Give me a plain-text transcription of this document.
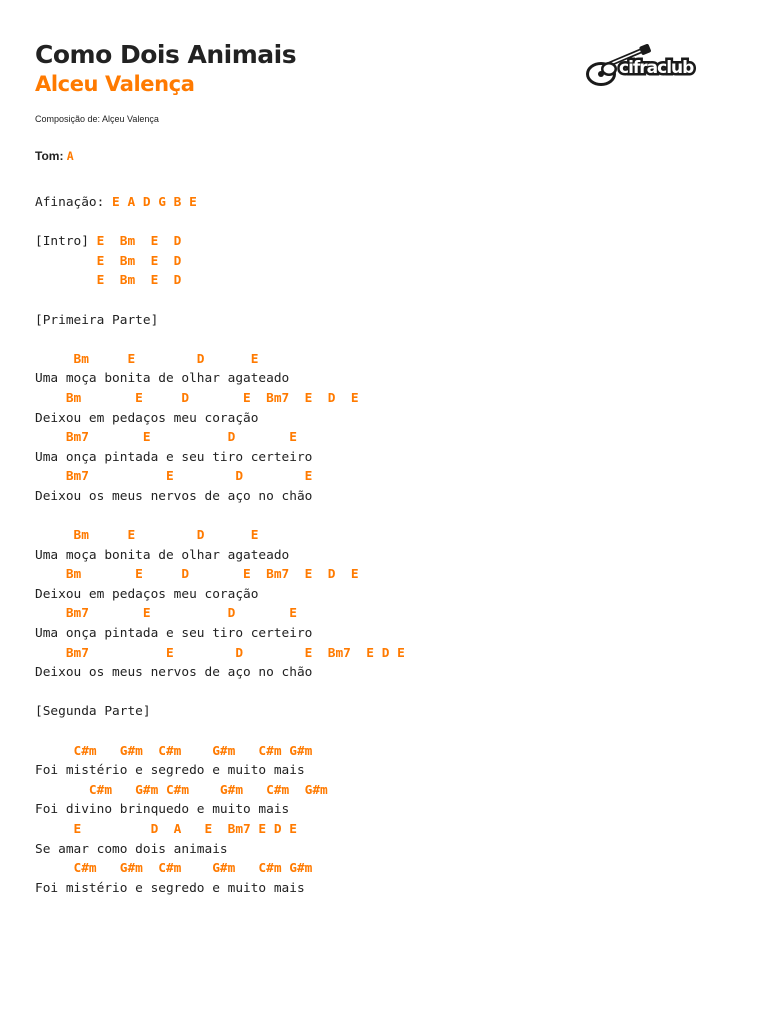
Como Dois Animais
Alceu Valença
cifraclub
Composição de: Alçeu Valença
Tom: A
Afinação: E A D G B E

[Intro] E  Bm  E  D
E  Bm  E  D
E  Bm  E  D

[Primeira Parte]

Bm     E        D      E
Uma moça bonita de olhar agateado
Bm       E     D       E  Bm7  E  D  E
Deixou em pedaços meu coração
Bm7       E          D       E
Uma onça pintada e seu tiro certeiro
Bm7          E        D        E
Deixou os meus nervos de aço no chão

Bm     E        D      E
Uma moça bonita de olhar agateado
Bm       E     D       E  Bm7  E  D  E
Deixou em pedaços meu coração
Bm7       E          D       E
Uma onça pintada e seu tiro certeiro
Bm7          E        D        E  Bm7  E D E
Deixou os meus nervos de aço no chão

[Segunda Parte]

C#m   G#m  C#m    G#m   C#m G#m
Foi mistério e segredo e muito mais
C#m   G#m C#m    G#m   C#m  G#m
Foi divino brinquedo e muito mais
E         D  A   E  Bm7 E D E
Se amar como dois animais
C#m   G#m  C#m    G#m   C#m G#m
Foi mistério e segredo e muito mais
